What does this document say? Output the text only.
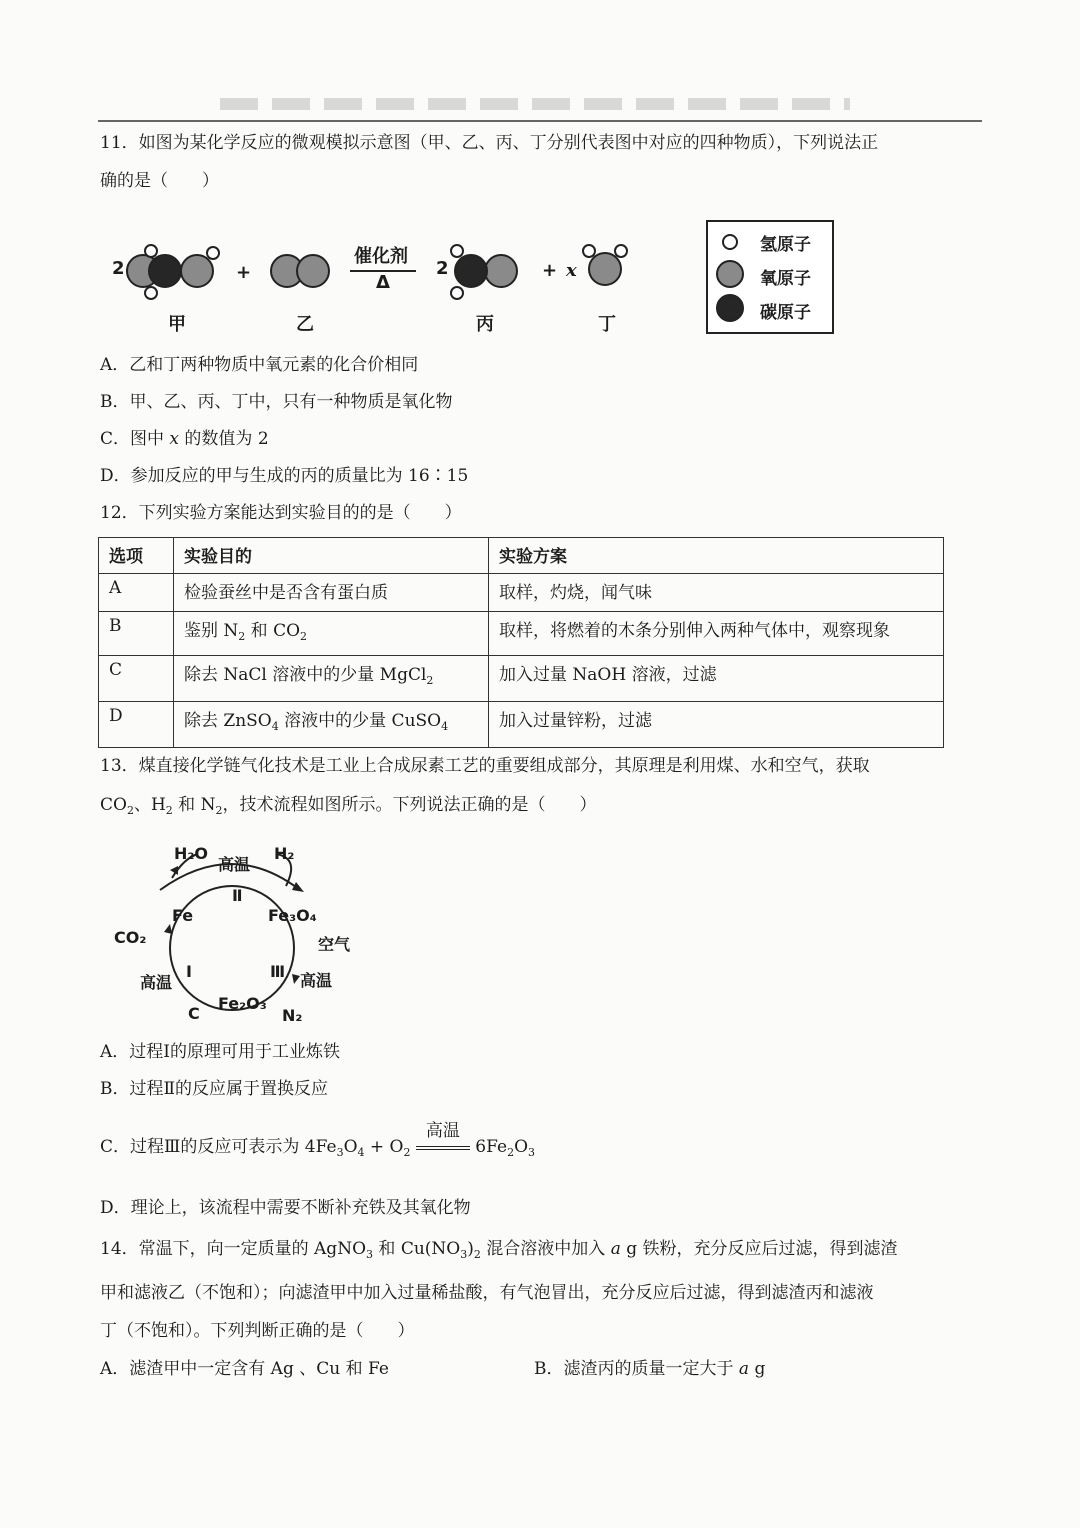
11．如图为某化学反应的微观模拟示意图（甲、乙、丙、丁分别代表图中对应的四种物质），下列说法正
确的是（　　）
2	+
催化剂
Δ
2	+ x
甲	乙	丙	丁
氢原子
氧原子
碳原子
A．乙和丁两种物质中氧元素的化合价相同
B．甲、乙、丙、丁中，只有一种物质是氧化物
C．图中 x 的数值为 2
D．参加反应的甲与生成的丙的质量比为 16∶15
12．下列实验方案能达到实验目的的是（　　）
选项	实验目的	实验方案
A	检验蚕丝中是否含有蛋白质	取样，灼烧，闻气味
B	鉴别 $N_2$ 和 $CO_2$	取样，将燃着的木条分别伸入两种气体中，观察现象
C	除去 NaCl 溶液中的少量 MgCl$_2$	加入过量 NaOH 溶液，过滤
D	除去 ZnSO$_4$ 溶液中的少量 CuSO$_4$	加入过量锌粉，过滤
13．煤直接化学链气化技术是工业上合成尿素工艺的重要组成部分，其原理是利用煤、水和空气，获取
$CO_2$、$H_2$ 和 $N_2$，技术流程如图所示。下列说法正确的是（　　）
H₂O
高温
H₂
Ⅱ
Fe	Fe₃O₄
CO₂	空气
高温
Ⅰ	Ⅲ 高温
C
Fe₂O₃
N₂
A．过程Ⅰ的原理可用于工业炼铁
B．过程Ⅱ的反应属于置换反应
C．过程Ⅲ的反应可表示为 $4Fe_3O_4 + O_2$
高温
$6Fe_2O_3$
D．理论上，该流程中需要不断补充铁及其氧化物
14．常温下，向一定质量的 AgNO$_3$ 和 $Cu(NO_3)_2$ 混合溶液中加入 a g 铁粉，充分反应后过滤，得到滤渣
甲和滤液乙（不饱和）；向滤渣甲中加入过量稀盐酸，有气泡冒出，充分反应后过滤，得到滤渣丙和滤液
丁（不饱和）。下列判断正确的是（　　）
A．滤渣甲中一定含有 Ag 、Cu 和 Fe	B．滤渣丙的质量一定大于 a g
